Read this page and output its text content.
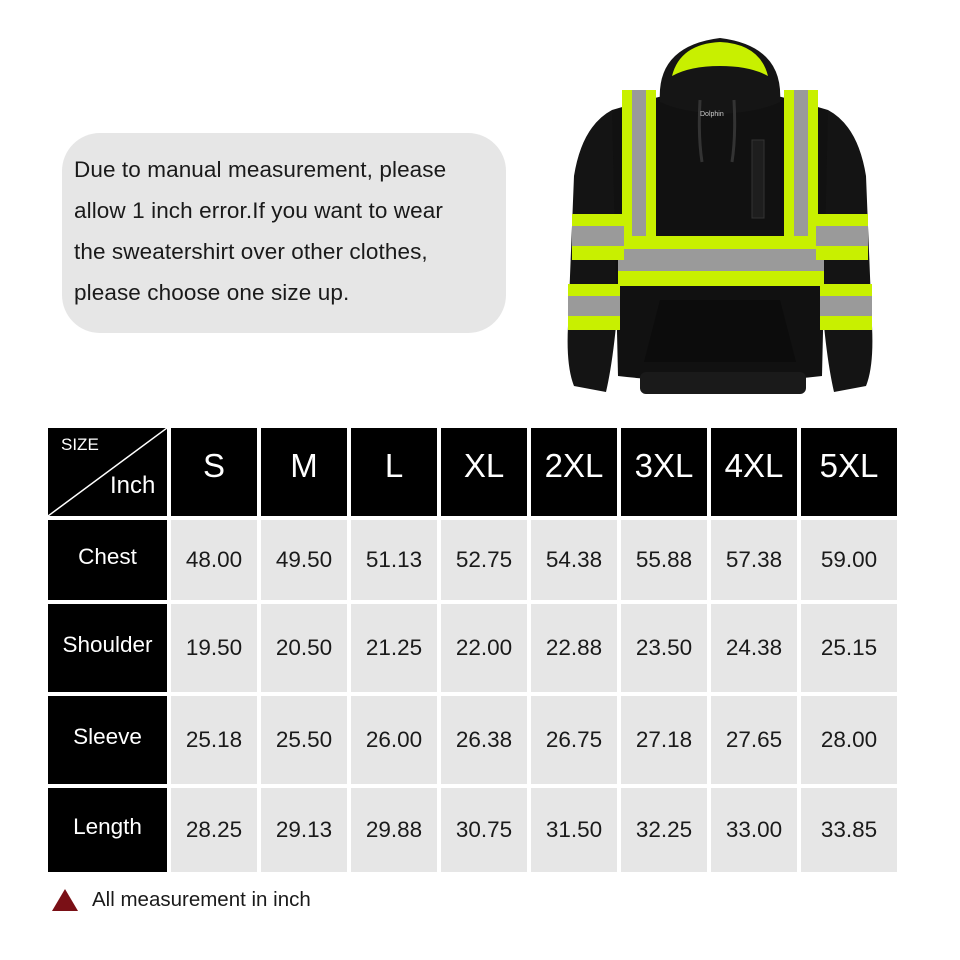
Due to manual measurement, please

allow 1 inch error.If you want to wear

the sweatershirt over other clothes,

please choose one size up.

Dolphin
SIZE
Inch
S	M	L	XL	2XL 3XL 4XL	5XL
Chest	48.00	49.50	51.13	52.75	54.38	55.88	57.38	59.00
Shoulder	19.50	20.50	21.25	22.00	22.88	23.50	24.38	25.15
Sleeve	25.18	25.50	26.00	26.38	26.75	27.18	27.65	28.00
Length	28.25	29.13	29.88	30.75	31.50	32.25	33.00	33.85
All measurement in inch
